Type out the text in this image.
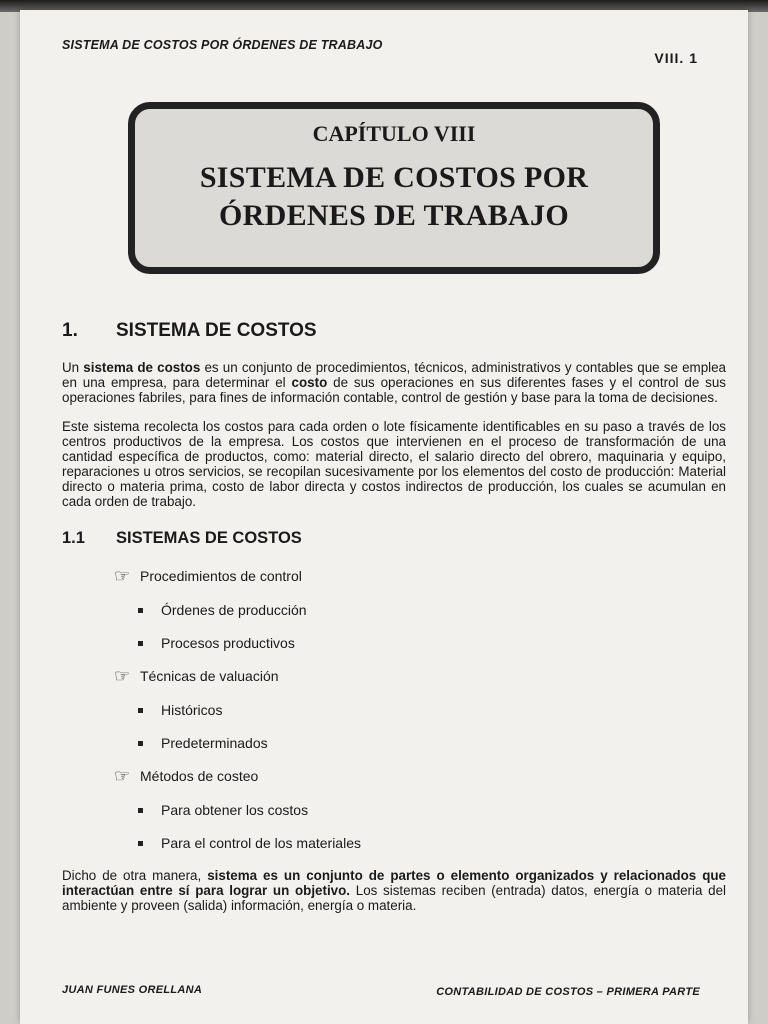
SISTEMA DE COSTOS POR ÓRDENES DE TRABAJO
VIII. 1
CAPÍTULO VIII
SISTEMA DE COSTOS POR
ÓRDENES DE TRABAJO
1.	SISTEMA DE COSTOS

Un sistema de costos es un conjunto de procedimientos, técnicos, administrativos y contables que se emplea en una empresa, para determinar el costo de sus operaciones en sus diferentes fases y el control de sus operaciones fabriles, para fines de información contable, control de gestión y base para la toma de decisiones.

Este sistema recolecta los costos para cada orden o lote físicamente identificables en su paso a través de los centros productivos de la empresa. Los costos que intervienen en el proceso de transformación de una cantidad específica de productos, como: material directo, el salario directo del obrero, maquinaria y equipo, reparaciones u otros servicios, se recopilan sucesivamente por los elementos del costo de producción: Material directo o materia prima, costo de labor directa y costos indirectos de producción, los cuales se acumulan en cada orden de trabajo.

1.1	SISTEMAS DE COSTOS
☞ Procedimientos de control
Órdenes de producción
Procesos productivos
☞ Técnicas de valuación
Históricos
Predeterminados
☞ Métodos de costeo
Para obtener los costos
Para el control de los materiales

Dicho de otra manera, sistema es un conjunto de partes o elemento organizados y relacionados que interactúan entre sí para lograr un objetivo. Los sistemas reciben (entrada) datos, energía o materia del ambiente y proveen (salida) información, energía o materia.

JUAN FUNES ORELLANA	CONTABILIDAD DE COSTOS – PRIMERA PARTE
